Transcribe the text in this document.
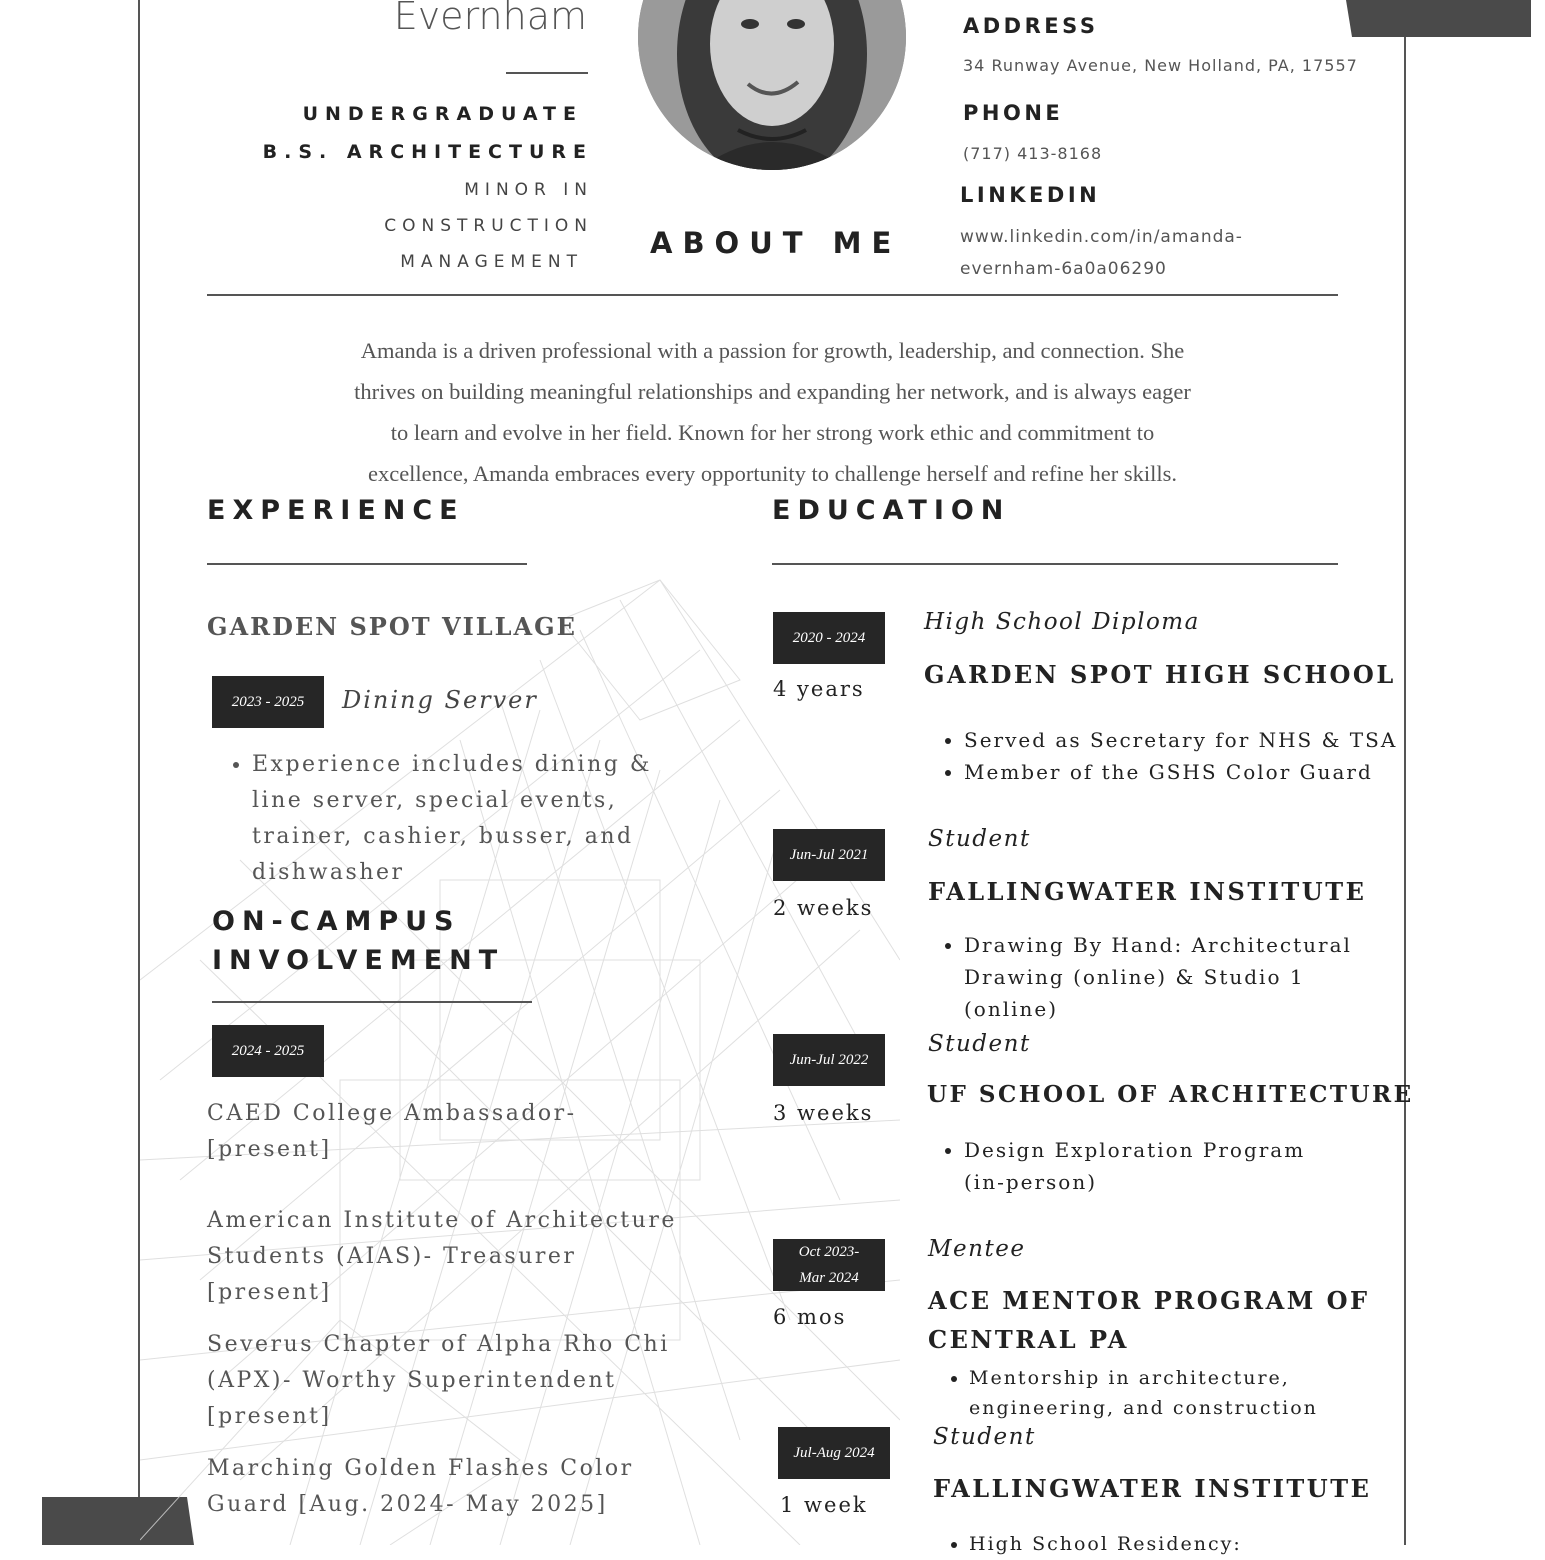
Evernham
UNDERGRADUATE
B.S. ARCHITECTURE
MINOR IN
CONSTRUCTION
MANAGEMENT
ABOUT ME
ADDRESS
34 Runway Avenue, New Holland, PA, 17557
PHONE
(717) 413-8168
LINKEDIN
www.linkedin.com/in/amanda-
evernham-6a0a06290
Amanda is a driven professional with a passion for growth, leadership, and connection. She
thrives on building meaningful relationships and expanding her network, and is always eager
to learn and evolve in her field. Known for her strong work ethic and commitment to
excellence, Amanda embraces every opportunity to challenge herself and refine her skills.
EXPERIENCE
GARDEN SPOT VILLAGE
2023 - 2025	Dining Server
• Experience includes dining &
line server, special events,
trainer, cashier, busser, and
dishwasher
ON-CAMPUS
INVOLVEMENT
2024 - 2025
CAED College Ambassador-
[present]
American Institute of Architecture
Students (AIAS)- Treasurer
[present]
Severus Chapter of Alpha Rho Chi
(APX)- Worthy Superintendent
[present]
Marching Golden Flashes Color
Guard [Aug. 2024- May 2025]
EDUCATION
2020 - 2024
4 years
High School Diploma
GARDEN SPOT HIGH SCHOOL
• Served as Secretary for NHS & TSA
• Member of the GSHS Color Guard
Jun-Jul 2021
2 weeks
Student
FALLINGWATER INSTITUTE
• Drawing By Hand: Architectural
Drawing (online) & Studio 1 (online)
Jun-Jul 2022
3 weeks
Student
UF SCHOOL OF ARCHITECTURE
• Design Exploration Program
(in-person)
Oct 2023-
Mar 2024
6 mos
Mentee
ACE MENTOR PROGRAM OF
CENTRAL PA
• Mentorship in architecture,
engineering, and construction
Jul-Aug 2024
1 week
Student
FALLINGWATER INSTITUTE
• High School Residency:
